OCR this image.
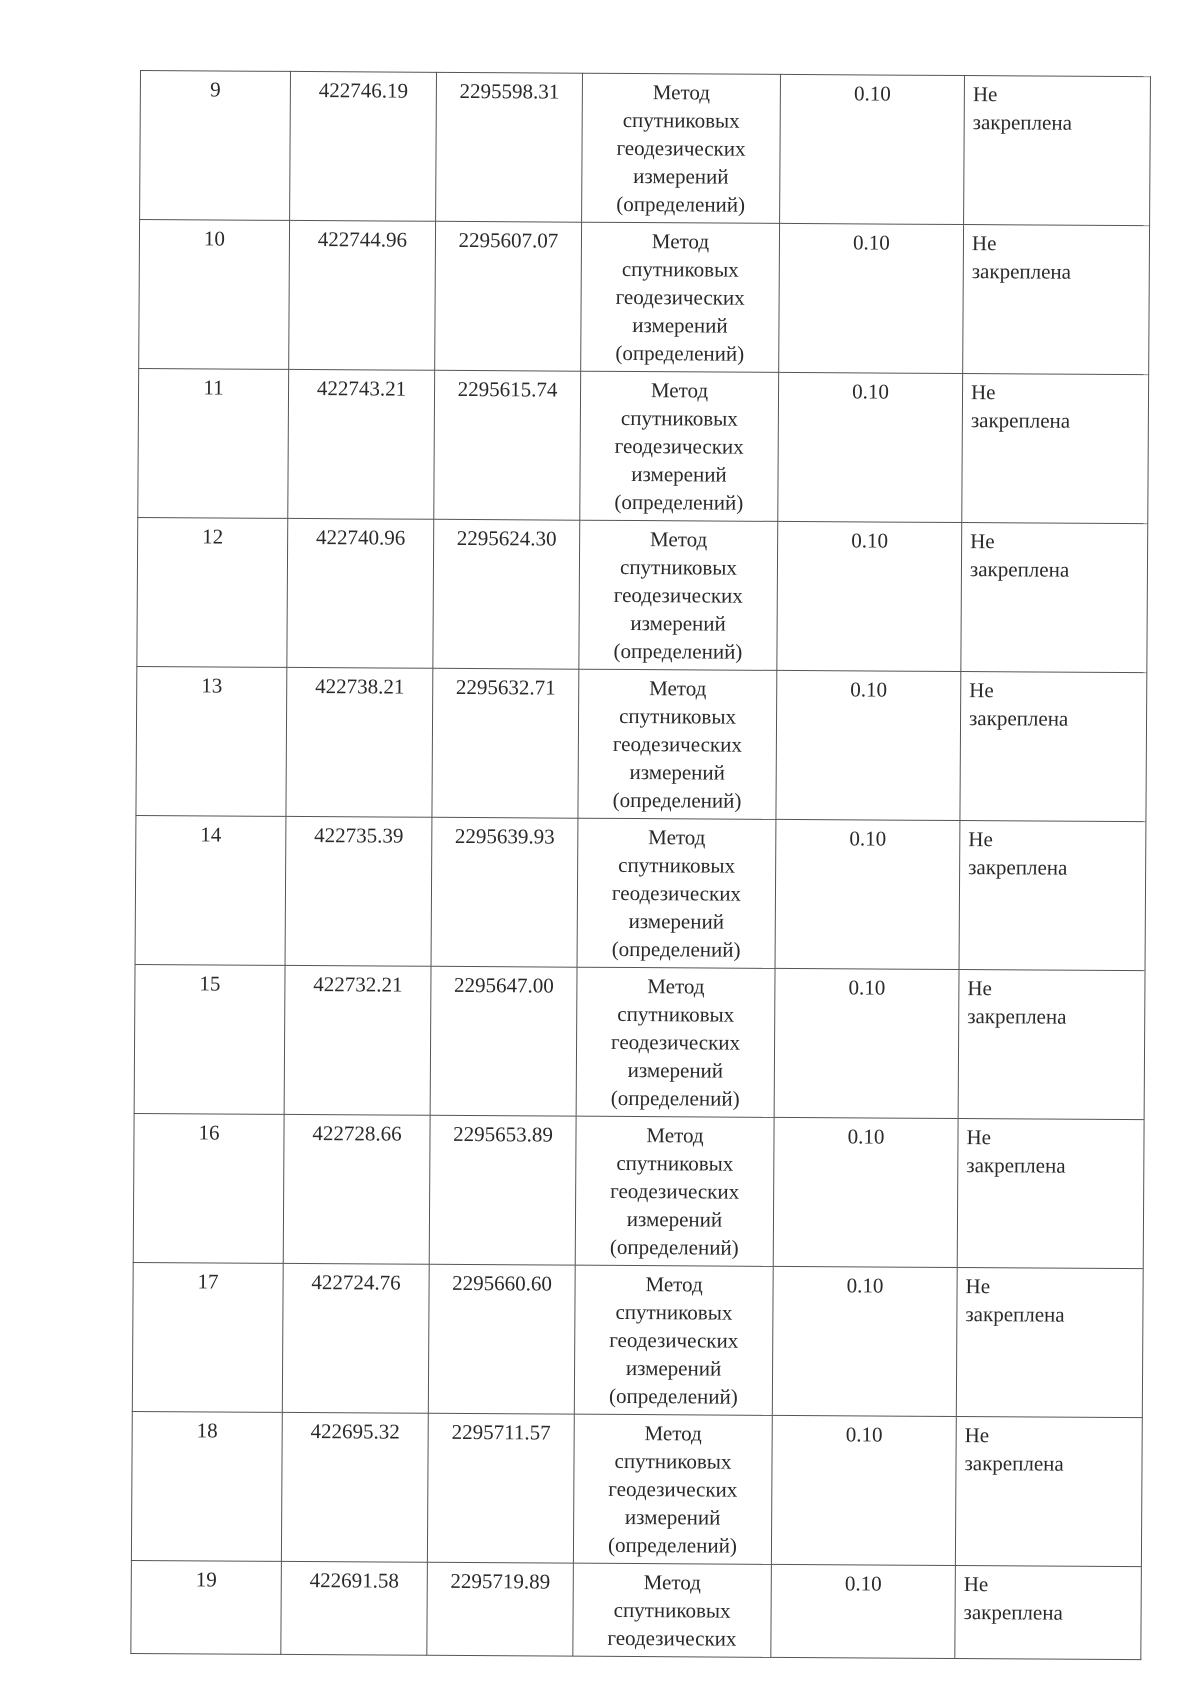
9	422746.19	2295598.31	Метод
спутниковых
геодезических
измерений
(определений)	0.10	Не
закреплена

10	422744.96	2295607.07	Метод
спутниковых
геодезических
измерений
(определений)	0.10	Не
закреплена

11	422743.21	2295615.74	Метод
спутниковых
геодезических
измерений
(определений)	0.10	Не
закреплена

12	422740.96	2295624.30	Метод
спутниковых
геодезических
измерений
(определений)	0.10	Не
закреплена

13	422738.21	2295632.71	Метод
спутниковых
геодезических
измерений
(определений)	0.10	Не
закреплена

14	422735.39	2295639.93	Метод
спутниковых
геодезических
измерений
(определений)	0.10	Не
закреплена

15	422732.21	2295647.00	Метод
спутниковых
геодезических
измерений
(определений)	0.10	Не
закреплена

16	422728.66	2295653.89	Метод
спутниковых
геодезических
измерений
(определений)	0.10	Не
закреплена

17	422724.76	2295660.60	Метод
спутниковых
геодезических
измерений
(определений)	0.10	Не
закреплена

18	422695.32	2295711.57	Метод
спутниковых
геодезических
измерений
(определений)	0.10	Не
закреплена

19	422691.58	2295719.89	Метод
спутниковых
геодезических	0.10	Не
закреплена
